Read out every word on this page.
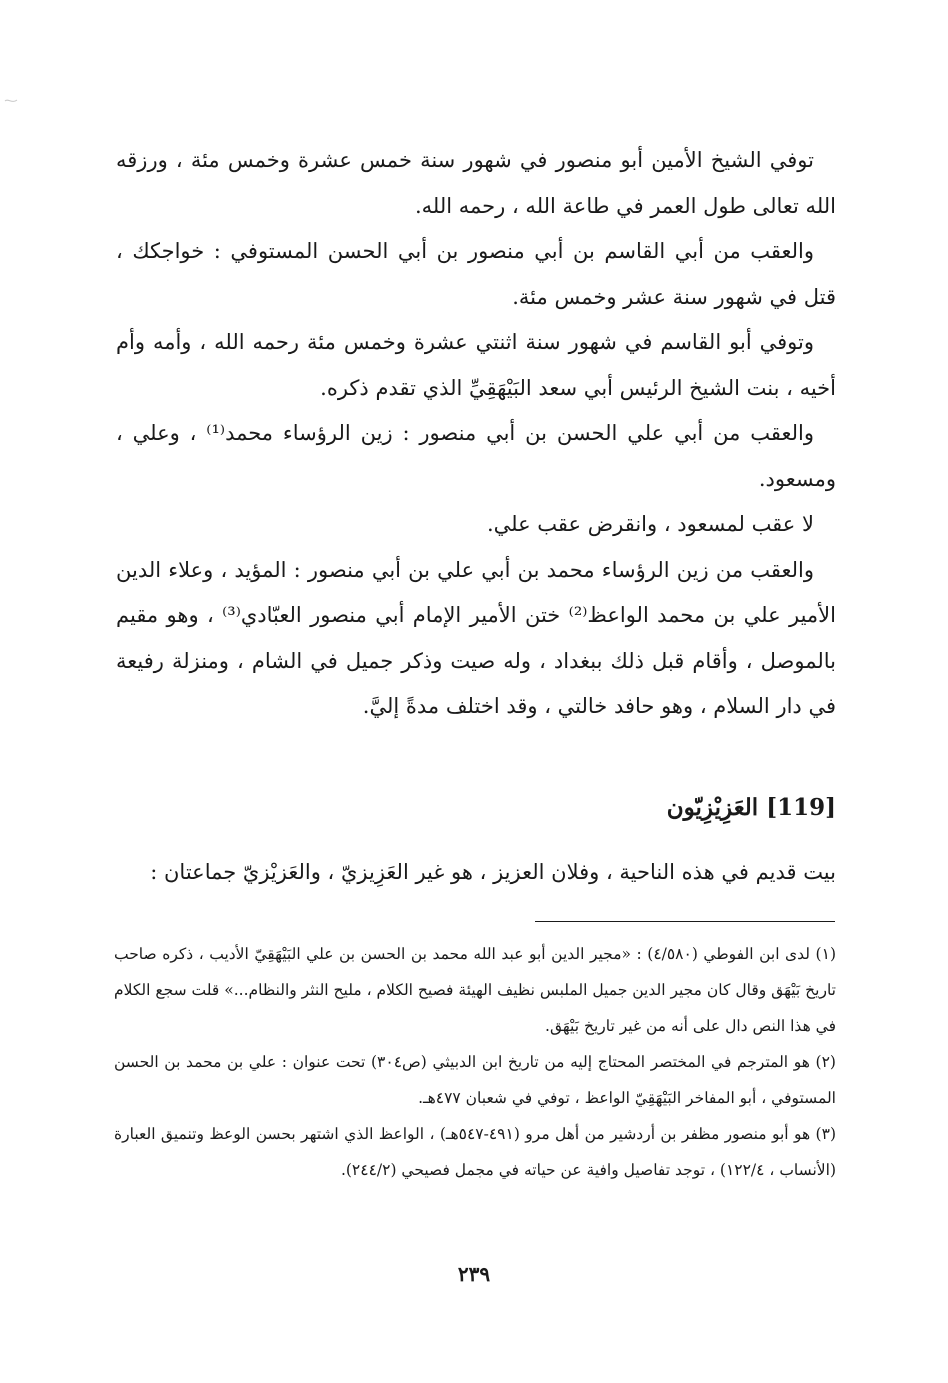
توفي الشيخ الأمين أبو منصور في شهور سنة خمس عشرة وخمس مئة ، ورزقه الله تعالى طول العمر في طاعة الله ، رحمه الله.

والعقب من أبي القاسم بن أبي منصور بن أبي الحسن المستوفي : خواجكك ، قتل في شهور سنة عشر وخمس مئة.

وتوفي أبو القاسم في شهور سنة اثنتي عشرة وخمس مئة رحمه الله ، وأمه وأم أخيه ، بنت الشيخ الرئيس أبي سعد البَيْهَقِيِّ الذي تقدم ذكره.

والعقب من أبي علي الحسن بن أبي منصور : زين الرؤساء محمد⁽¹⁾ ، وعلي ، ومسعود.

لا عقب لمسعود ، وانقرض عقب علي.

والعقب من زين الرؤساء محمد بن أبي علي بن أبي منصور : المؤيد ، وعلاء الدين الأمير علي بن محمد الواعظ⁽²⁾ ختن الأمير الإمام أبي منصور العبّادي⁽³⁾ ، وهو مقيم بالموصل ، وأقام قبل ذلك ببغداد ، وله صيت وذكر جميل في الشام ، ومنزلة رفيعة في دار السلام ، وهو حافد خالتي ، وقد اختلف مدةً إليَّ.

[119] العَزِيْزِيّون
بيت قديم في هذه الناحية ، وفلان العزيز ، هو غير العَزِيزيّ ، والعَزيْزيّ جماعتان :

(١) لدى ابن الفوطي (٤/٥٨٠) : «مجير الدين أبو عبد الله محمد بن الحسن بن علي البَيْهَقِيّ الأديب ، ذكره صاحب تاريخ بَيْهَق وقال كان مجير الدين جميل الملبس نظيف الهيئة فصيح الكلام ، مليح النثر والنظام...» قلت سجع الكلام في هذا النص دال على أنه من غير تاريخ بَيْهَق.

(٢) هو المترجم في المختصر المحتاج إليه من تاريخ ابن الدبيثي (ص٣٠٤) تحت عنوان : علي بن محمد بن الحسن المستوفي ، أبو المفاخر البَيْهَقِيّ الواعظ ، توفي في شعبان ٤٧٧هـ.

(٣) هو أبو منصور مظفر بن أردشير من أهل مرو (٤٩١-٥٤٧هـ) ، الواعظ الذي اشتهر بحسن الوعظ وتنميق العبارة (الأنساب ، ١٢٢/٤) ، توجد تفاصيل وافية عن حياته في مجمل فصيحي (٢٤٤/٢).

٢٣٩
